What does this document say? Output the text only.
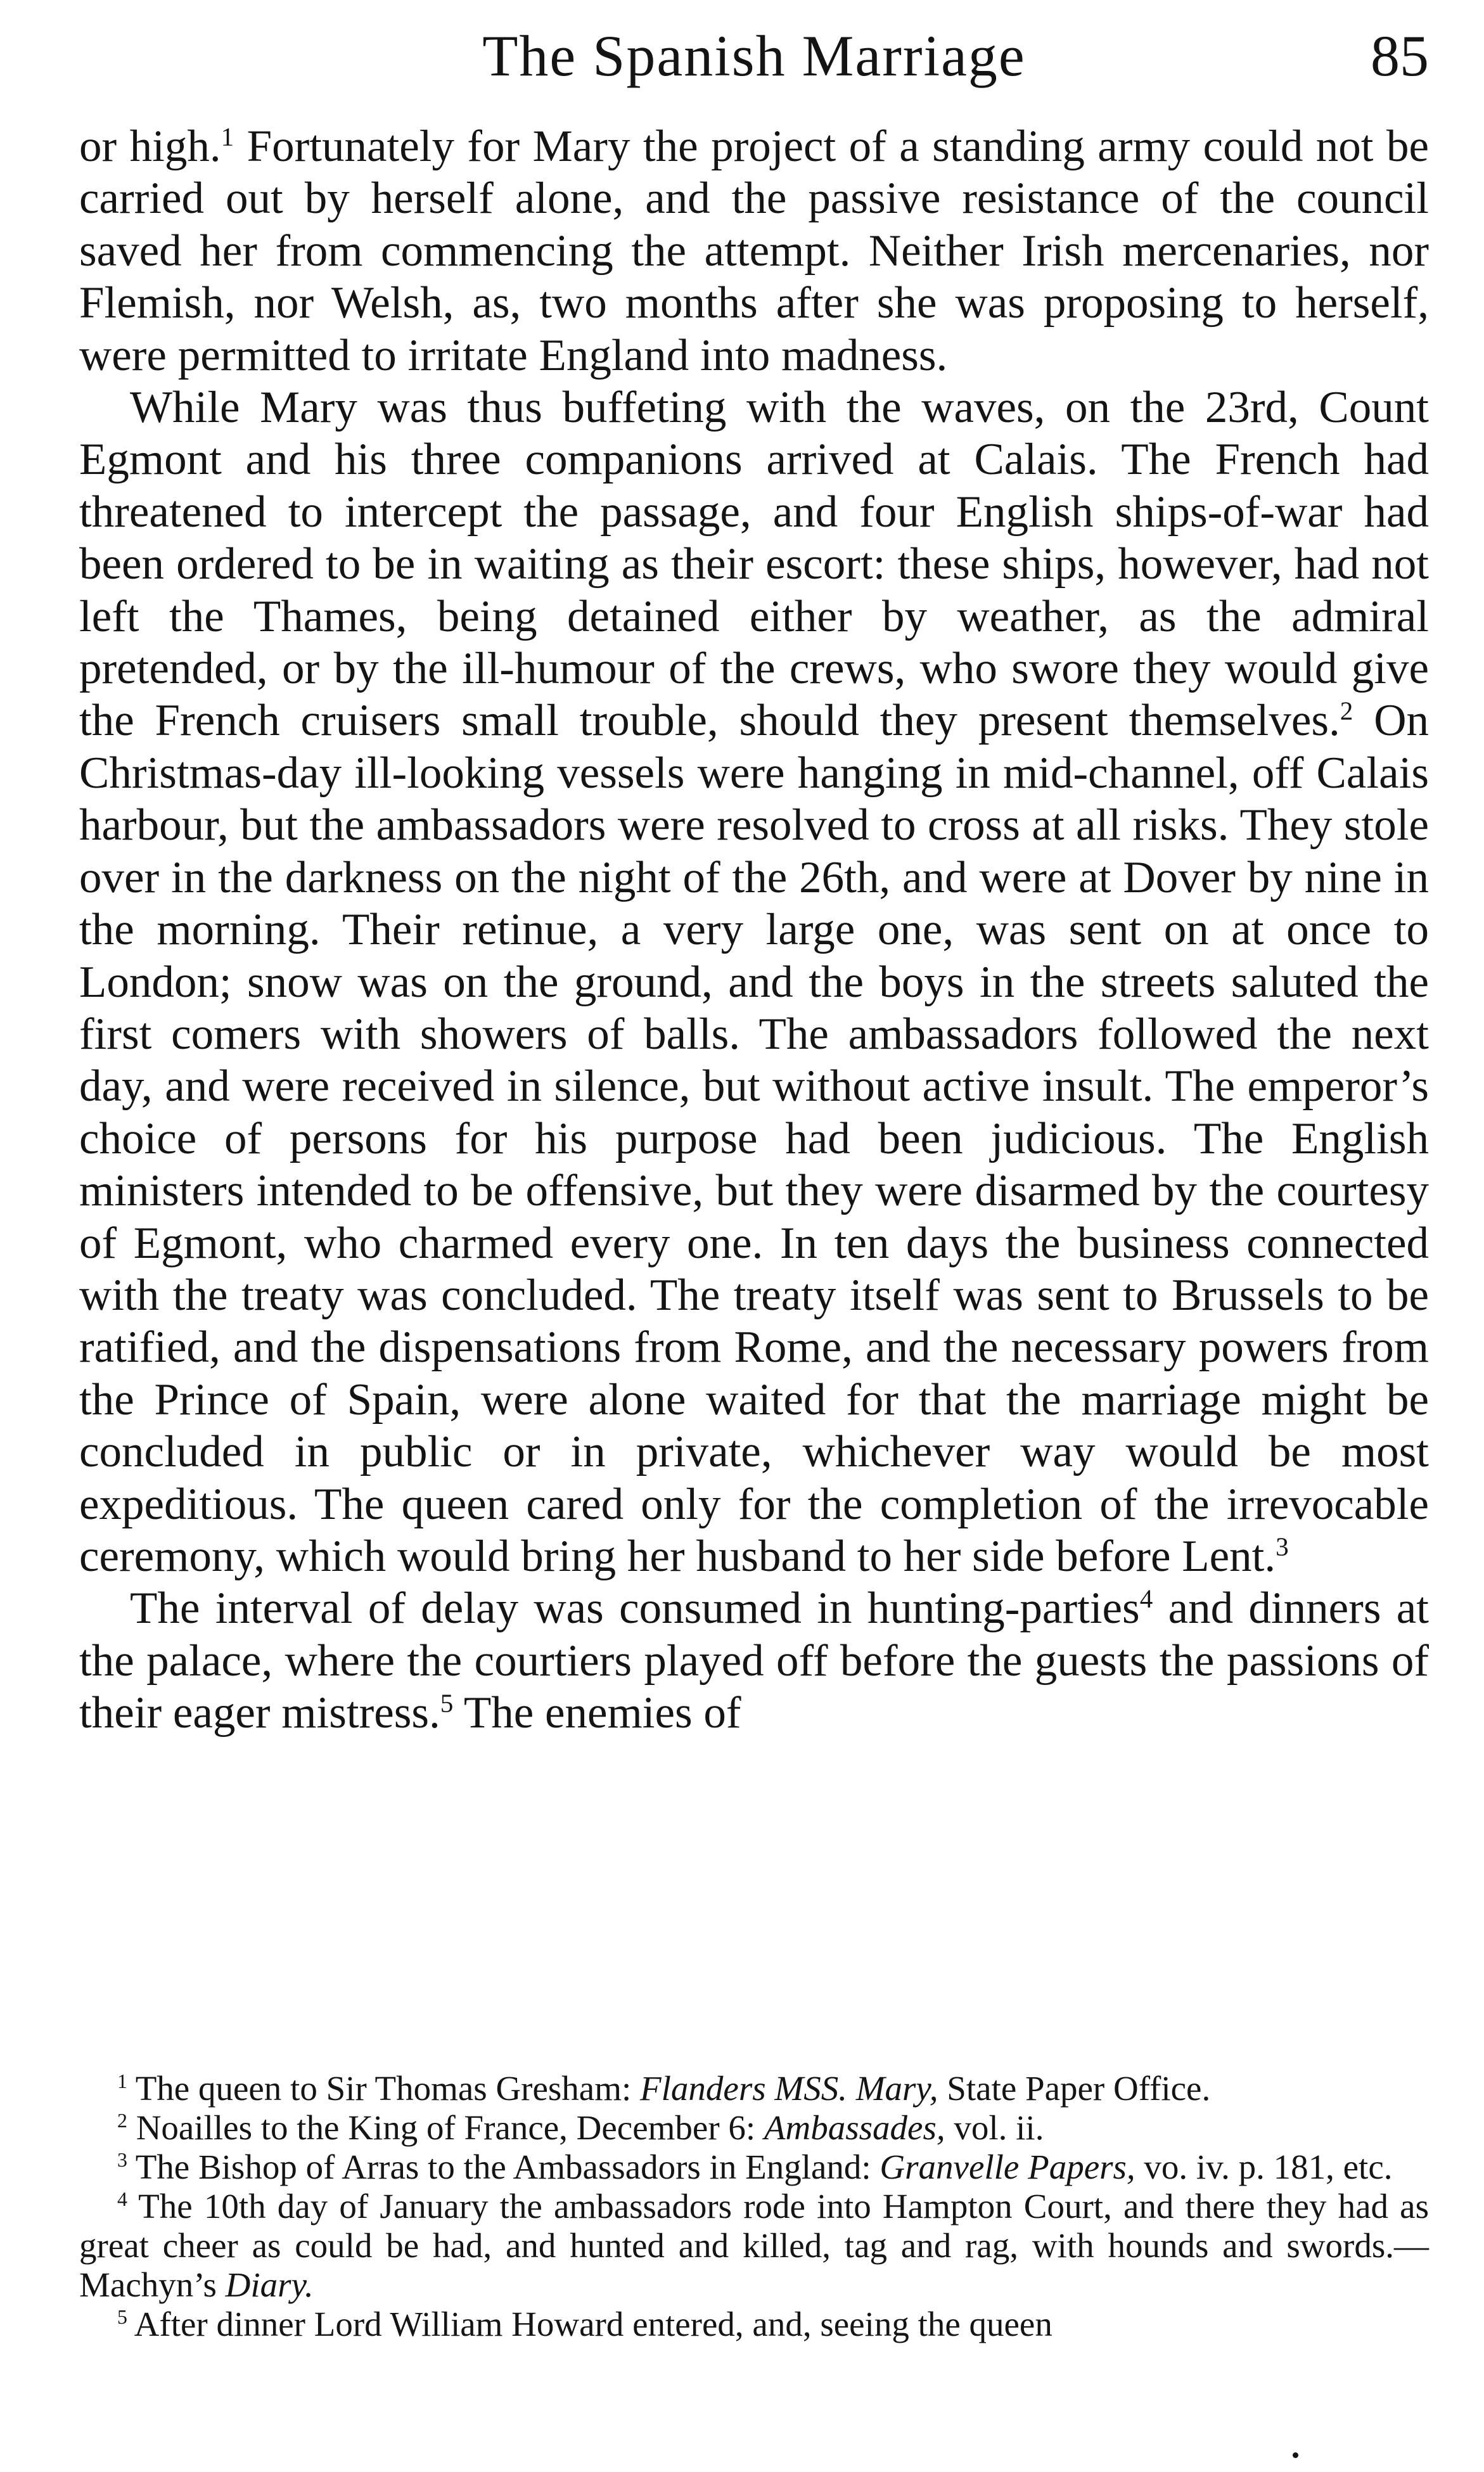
The Spanish Marriage	85

or high.$^1$ Fortunately for Mary the project of a standing army could not be carried out by herself alone, and the passive resistance of the council saved her from commencing the attempt. Neither Irish mercenaries, nor Flemish, nor Welsh, as, two months after she was proposing to herself, were permitted to irritate England into madness.

While Mary was thus buffeting with the waves, on the 23rd, Count Egmont and his three companions arrived at Calais. The French had threatened to intercept the passage, and four English ships-of-war had been ordered to be in waiting as their escort: these ships, however, had not left the Thames, being detained either by weather, as the admiral pretended, or by the ill-humour of the crews, who swore they would give the French cruisers small trouble, should they present themselves.$^2$ On Christmas-day ill-looking vessels were hanging in mid-channel, off Calais harbour, but the ambassadors were resolved to cross at all risks. They stole over in the darkness on the night of the 26th, and were at Dover by nine in the morning. Their retinue, a very large one, was sent on at once to London; snow was on the ground, and the boys in the streets saluted the first comers with showers of balls. The ambassadors followed the next day, and were received in silence, but without active insult. The emperor’s choice of persons for his purpose had been judicious. The English ministers intended to be offensive, but they were disarmed by the courtesy of Egmont, who charmed every one. In ten days the business connected with the treaty was concluded. The treaty itself was sent to Brussels to be ratified, and the dispensations from Rome, and the necessary powers from the Prince of Spain, were alone waited for that the marriage might be concluded in public or in private, whichever way would be most expeditious. The queen cared only for the completion of the irrevocable ceremony, which would bring her husband to her side before Lent.$^3$

The interval of delay was consumed in hunting-parties$^4$ and dinners at the palace, where the courtiers played off before the guests the passions of their eager mistress.$^5$ The enemies of

$^1$ The queen to Sir Thomas Gresham: Flanders MSS. Mary, State Paper Office.

$^2$ Noailles to the King of France, December 6: Ambassades, vol. ii.

$^3$ The Bishop of Arras to the Ambassadors in England: Granvelle Papers, vo. iv. p. 181, etc.

$^4$ The 10th day of January the ambassadors rode into Hampton Court, and there they had as great cheer as could be had, and hunted and killed, tag and rag, with hounds and swords.—Machyn’s Diary.

$^5$ After dinner Lord William Howard entered, and, seeing the queen
